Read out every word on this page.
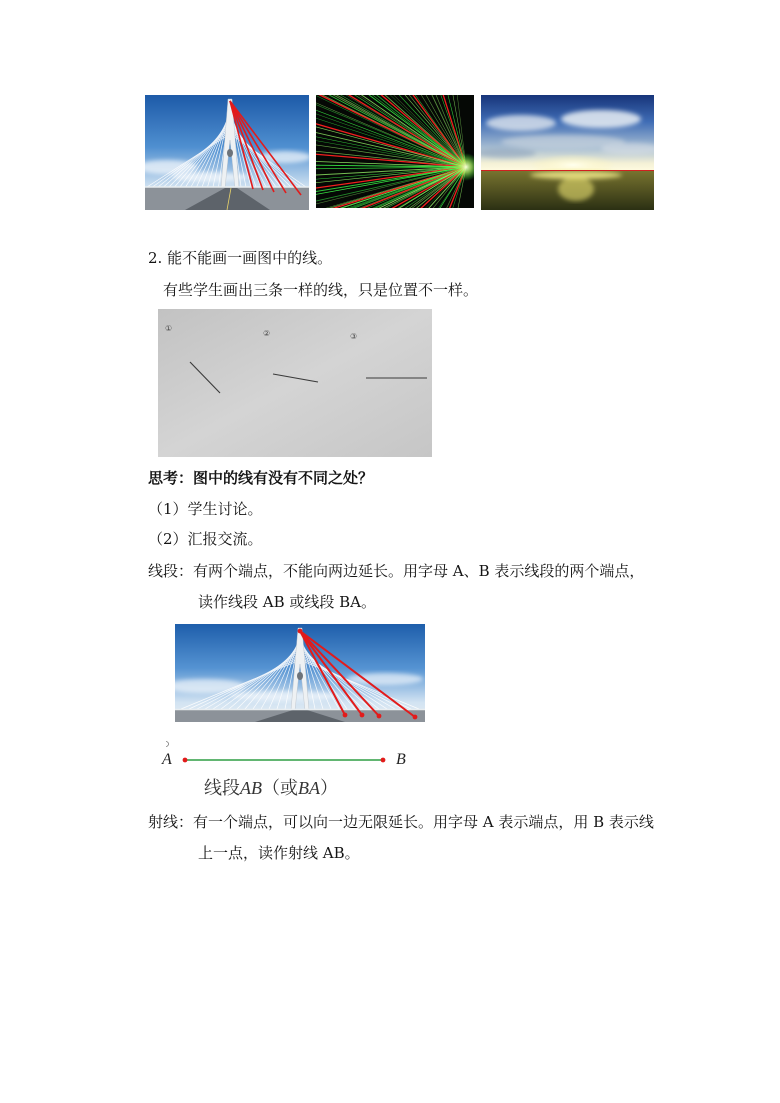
2. 能不能画一画图中的线。
有些学生画出三条一样的线，只是位置不一样。
①
②	③
思考：图中的线有没有不同之处？
（1）学生讨论。
（2）汇报交流。
线段：有两个端点，不能向两边延长。用字母 A、B 表示线段的两个端点，
读作线段 AB 或线段 BA。
A	B
线段AB（或BA）
射线：有一个端点，可以向一边无限延长。用字母 A 表示端点，用 B 表示线
上一点，读作射线 AB。
